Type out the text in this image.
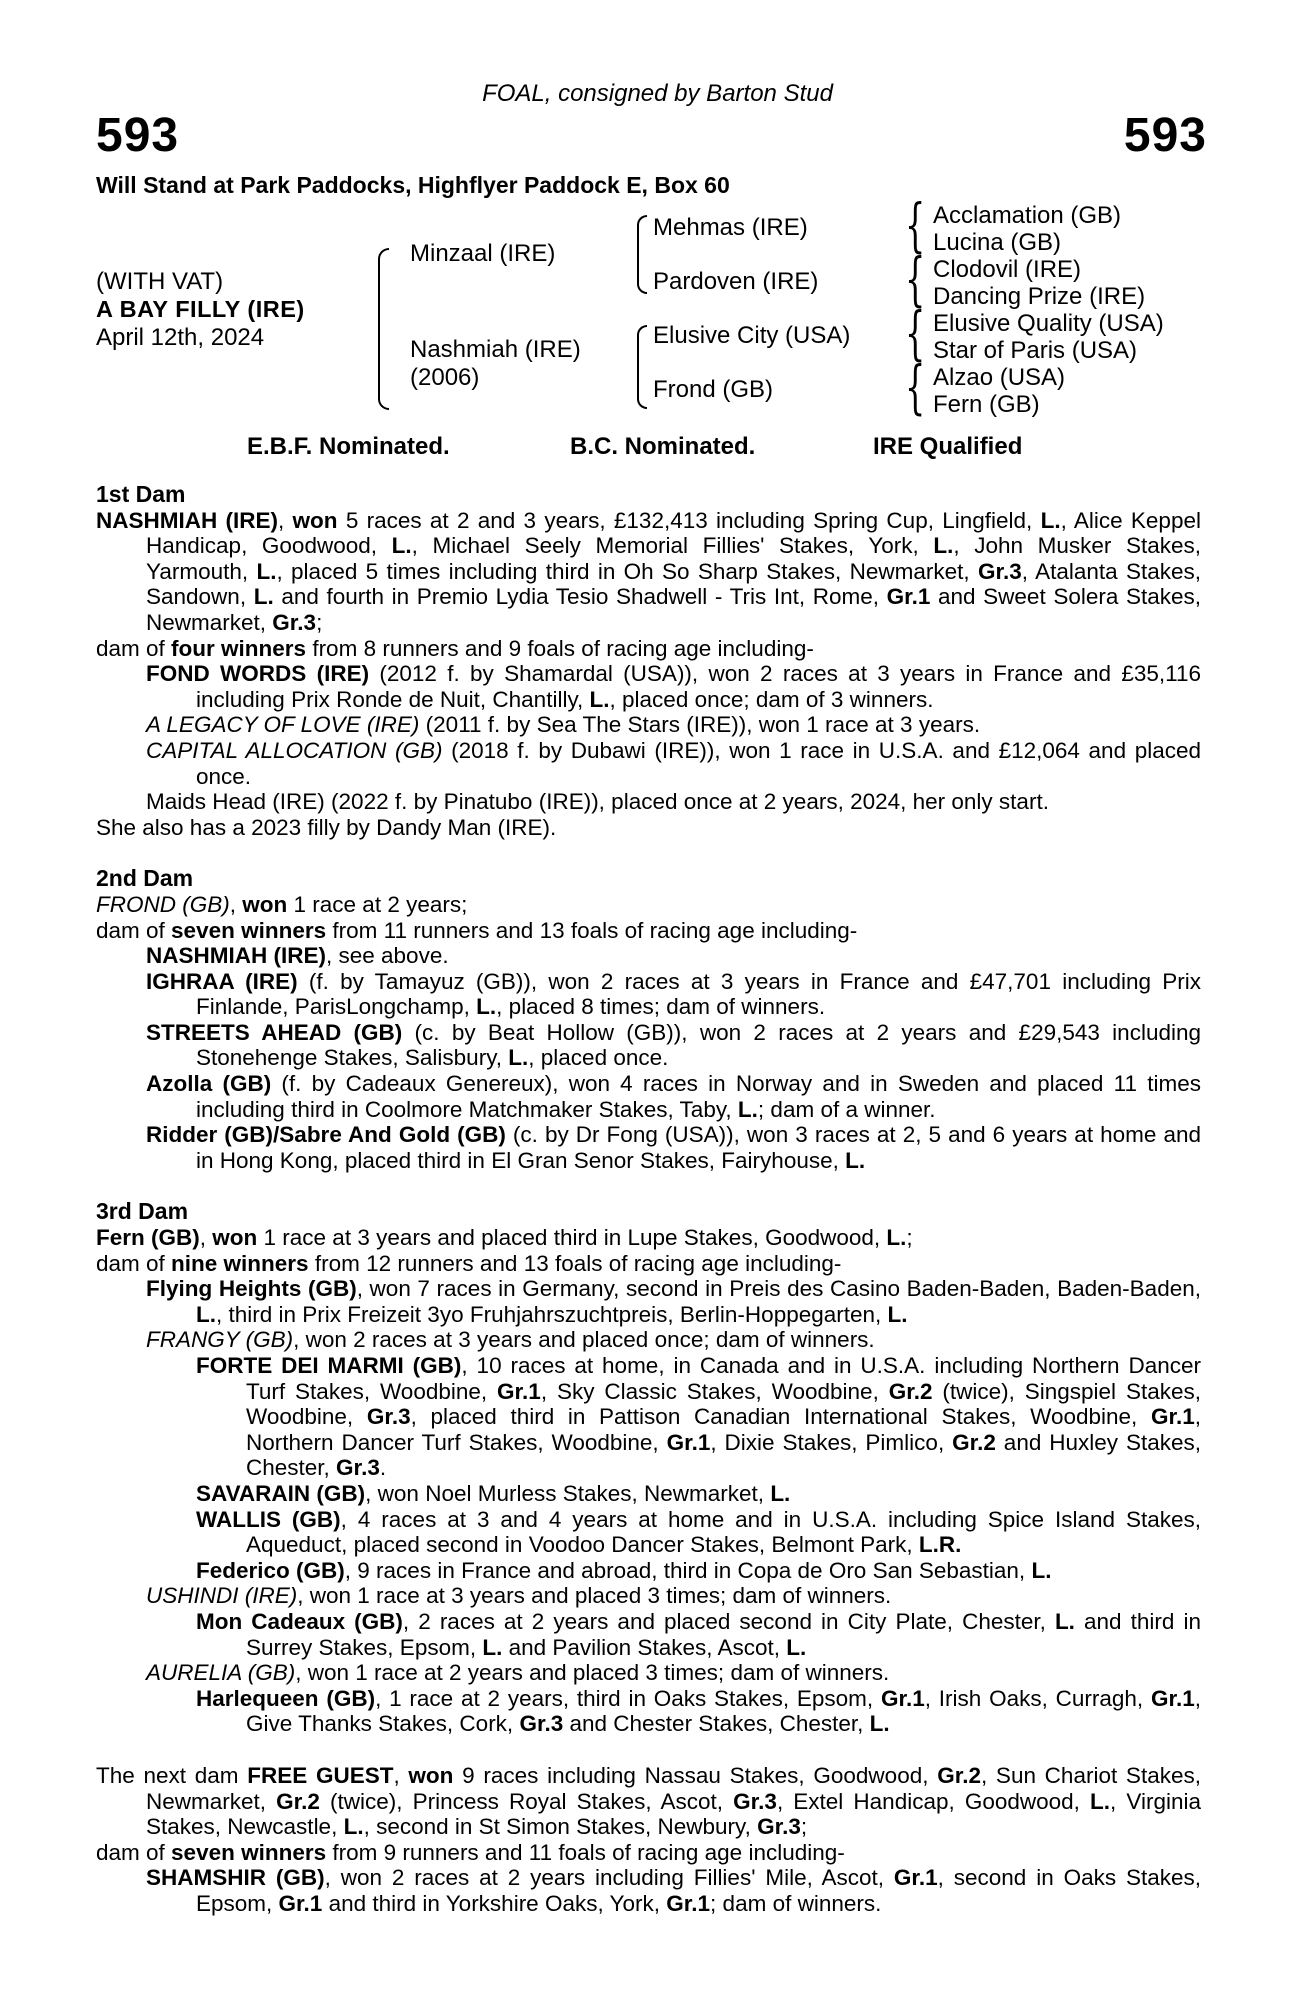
FOAL, consigned by Barton Stud
593	593
Will Stand at Park Paddocks, Highflyer Paddock E, Box 60
(WITH VAT)
A BAY FILLY (IRE)
April 12th, 2024
{
{
{
{
Minzaal (IRE)
Nashmiah (IRE)
(2006)
Mehmas (IRE)
Pardoven (IRE)
Elusive City (USA)
Frond (GB)
Acclamation (GB)
Lucina (GB)
Clodovil (IRE)
Dancing Prize (IRE)
Elusive Quality (USA)
Star of Paris (USA)
Alzao (USA)
Fern (GB)
E.B.F. Nominated.	B.C. Nominated.	IRE Qualified
1st Dam
NASHMIAH (IRE), won 5 races at 2 and 3 years, £132,413 including Spring Cup, Lingfield, L., Alice Keppel Handicap, Goodwood, L., Michael Seely Memorial Fillies' Stakes, York, L., John Musker Stakes, Yarmouth, L., placed 5 times including third in Oh So Sharp Stakes, Newmarket, Gr.3, Atalanta Stakes, Sandown, L. and fourth in Premio Lydia Tesio Shadwell - Tris Int, Rome, Gr.1 and Sweet Solera Stakes, Newmarket, Gr.3;
dam of four winners from 8 runners and 9 foals of racing age including-
FOND WORDS (IRE) (2012 f. by Shamardal (USA)), won 2 races at 3 years in France and £35,116 including Prix Ronde de Nuit, Chantilly, L., placed once; dam of 3 winners.
A LEGACY OF LOVE (IRE) (2011 f. by Sea The Stars (IRE)), won 1 race at 3 years.
CAPITAL ALLOCATION (GB) (2018 f. by Dubawi (IRE)), won 1 race in U.S.A. and £12,064 and placed once.
Maids Head (IRE) (2022 f. by Pinatubo (IRE)), placed once at 2 years, 2024, her only start.
She also has a 2023 filly by Dandy Man (IRE).
2nd Dam
FROND (GB), won 1 race at 2 years;
dam of seven winners from 11 runners and 13 foals of racing age including-
NASHMIAH (IRE), see above.
IGHRAA (IRE) (f. by Tamayuz (GB)), won 2 races at 3 years in France and £47,701 including Prix Finlande, ParisLongchamp, L., placed 8 times; dam of winners.
STREETS AHEAD (GB) (c. by Beat Hollow (GB)), won 2 races at 2 years and £29,543 including Stonehenge Stakes, Salisbury, L., placed once.
Azolla (GB) (f. by Cadeaux Genereux), won 4 races in Norway and in Sweden and placed 11 times including third in Coolmore Matchmaker Stakes, Taby, L.; dam of a winner.
Ridder (GB)/Sabre And Gold (GB) (c. by Dr Fong (USA)), won 3 races at 2, 5 and 6 years at home and in Hong Kong, placed third in El Gran Senor Stakes, Fairyhouse, L.
3rd Dam
Fern (GB), won 1 race at 3 years and placed third in Lupe Stakes, Goodwood, L.;
dam of nine winners from 12 runners and 13 foals of racing age including-
Flying Heights (GB), won 7 races in Germany, second in Preis des Casino Baden-Baden, Baden-Baden, L., third in Prix Freizeit 3yo Fruhjahrszuchtpreis, Berlin-Hoppegarten, L.
FRANGY (GB), won 2 races at 3 years and placed once; dam of winners.
FORTE DEI MARMI (GB), 10 races at home, in Canada and in U.S.A. including Northern Dancer Turf Stakes, Woodbine, Gr.1, Sky Classic Stakes, Woodbine, Gr.2 (twice), Singspiel Stakes, Woodbine, Gr.3, placed third in Pattison Canadian International Stakes, Woodbine, Gr.1, Northern Dancer Turf Stakes, Woodbine, Gr.1, Dixie Stakes, Pimlico, Gr.2 and Huxley Stakes, Chester, Gr.3.
SAVARAIN (GB), won Noel Murless Stakes, Newmarket, L.
WALLIS (GB), 4 races at 3 and 4 years at home and in U.S.A. including Spice Island Stakes, Aqueduct, placed second in Voodoo Dancer Stakes, Belmont Park, L.R.
Federico (GB), 9 races in France and abroad, third in Copa de Oro San Sebastian, L.
USHINDI (IRE), won 1 race at 3 years and placed 3 times; dam of winners.
Mon Cadeaux (GB), 2 races at 2 years and placed second in City Plate, Chester, L. and third in Surrey Stakes, Epsom, L. and Pavilion Stakes, Ascot, L.
AURELIA (GB), won 1 race at 2 years and placed 3 times; dam of winners.
Harlequeen (GB), 1 race at 2 years, third in Oaks Stakes, Epsom, Gr.1, Irish Oaks, Curragh, Gr.1, Give Thanks Stakes, Cork, Gr.3 and Chester Stakes, Chester, L.
The next dam FREE GUEST, won 9 races including Nassau Stakes, Goodwood, Gr.2, Sun Chariot Stakes, Newmarket, Gr.2 (twice), Princess Royal Stakes, Ascot, Gr.3, Extel Handicap, Goodwood, L., Virginia Stakes, Newcastle, L., second in St Simon Stakes, Newbury, Gr.3;
dam of seven winners from 9 runners and 11 foals of racing age including-
SHAMSHIR (GB), won 2 races at 2 years including Fillies' Mile, Ascot, Gr.1, second in Oaks Stakes, Epsom, Gr.1 and third in Yorkshire Oaks, York, Gr.1; dam of winners.
